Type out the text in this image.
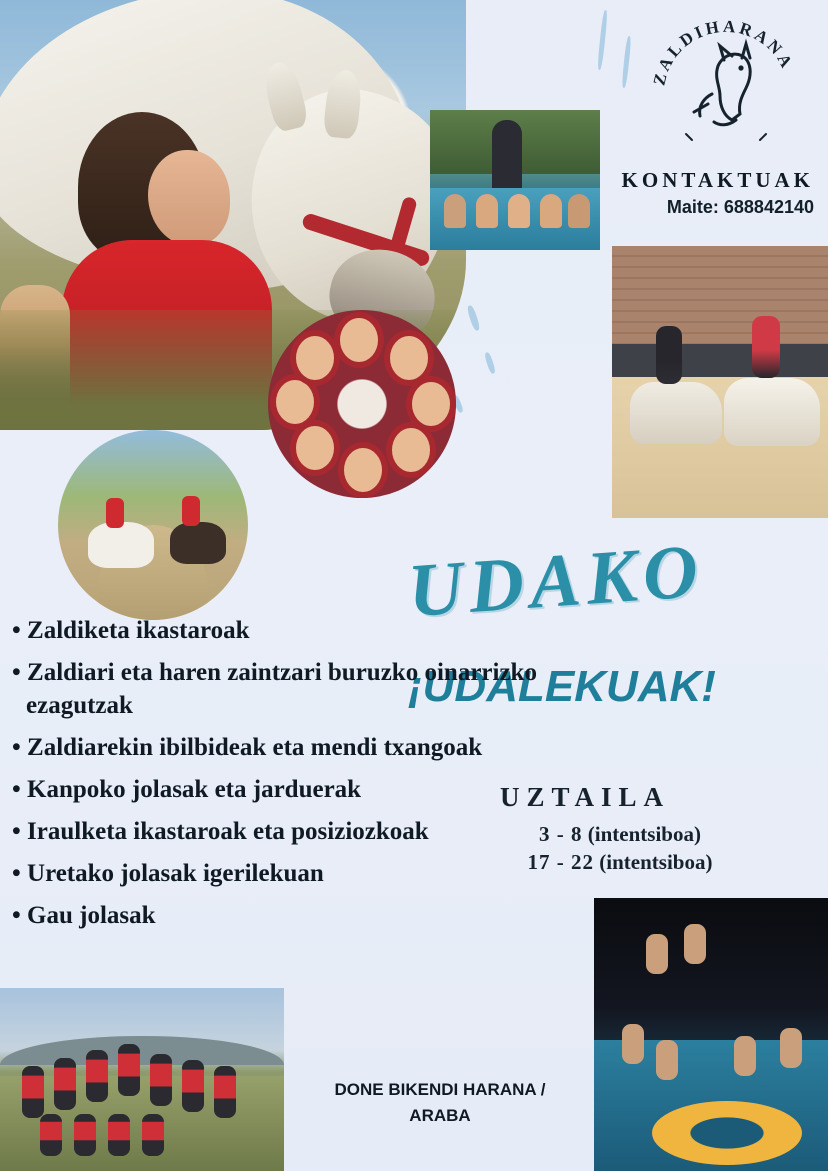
ZALDIHARANA
KONTAKTUAK
Maite: 688842140
UDAKO
¡UDALEKUAK!
UZTAILA
3 - 8 (intentsiboa)
17 - 22 (intentsiboa)
• Zaldiketa ikastaroak
• Zaldiari eta haren zaintzari buruzko oinarrizko ezagutzak
• Zaldiarekin ibilbideak eta mendi txangoak
• Kanpoko jolasak eta jarduerak
• Iraulketa ikastaroak eta posiziozkoak
• Uretako jolasak igerilekuan
• Gau jolasak
DONE BIKENDI HARANA /
ARABA
